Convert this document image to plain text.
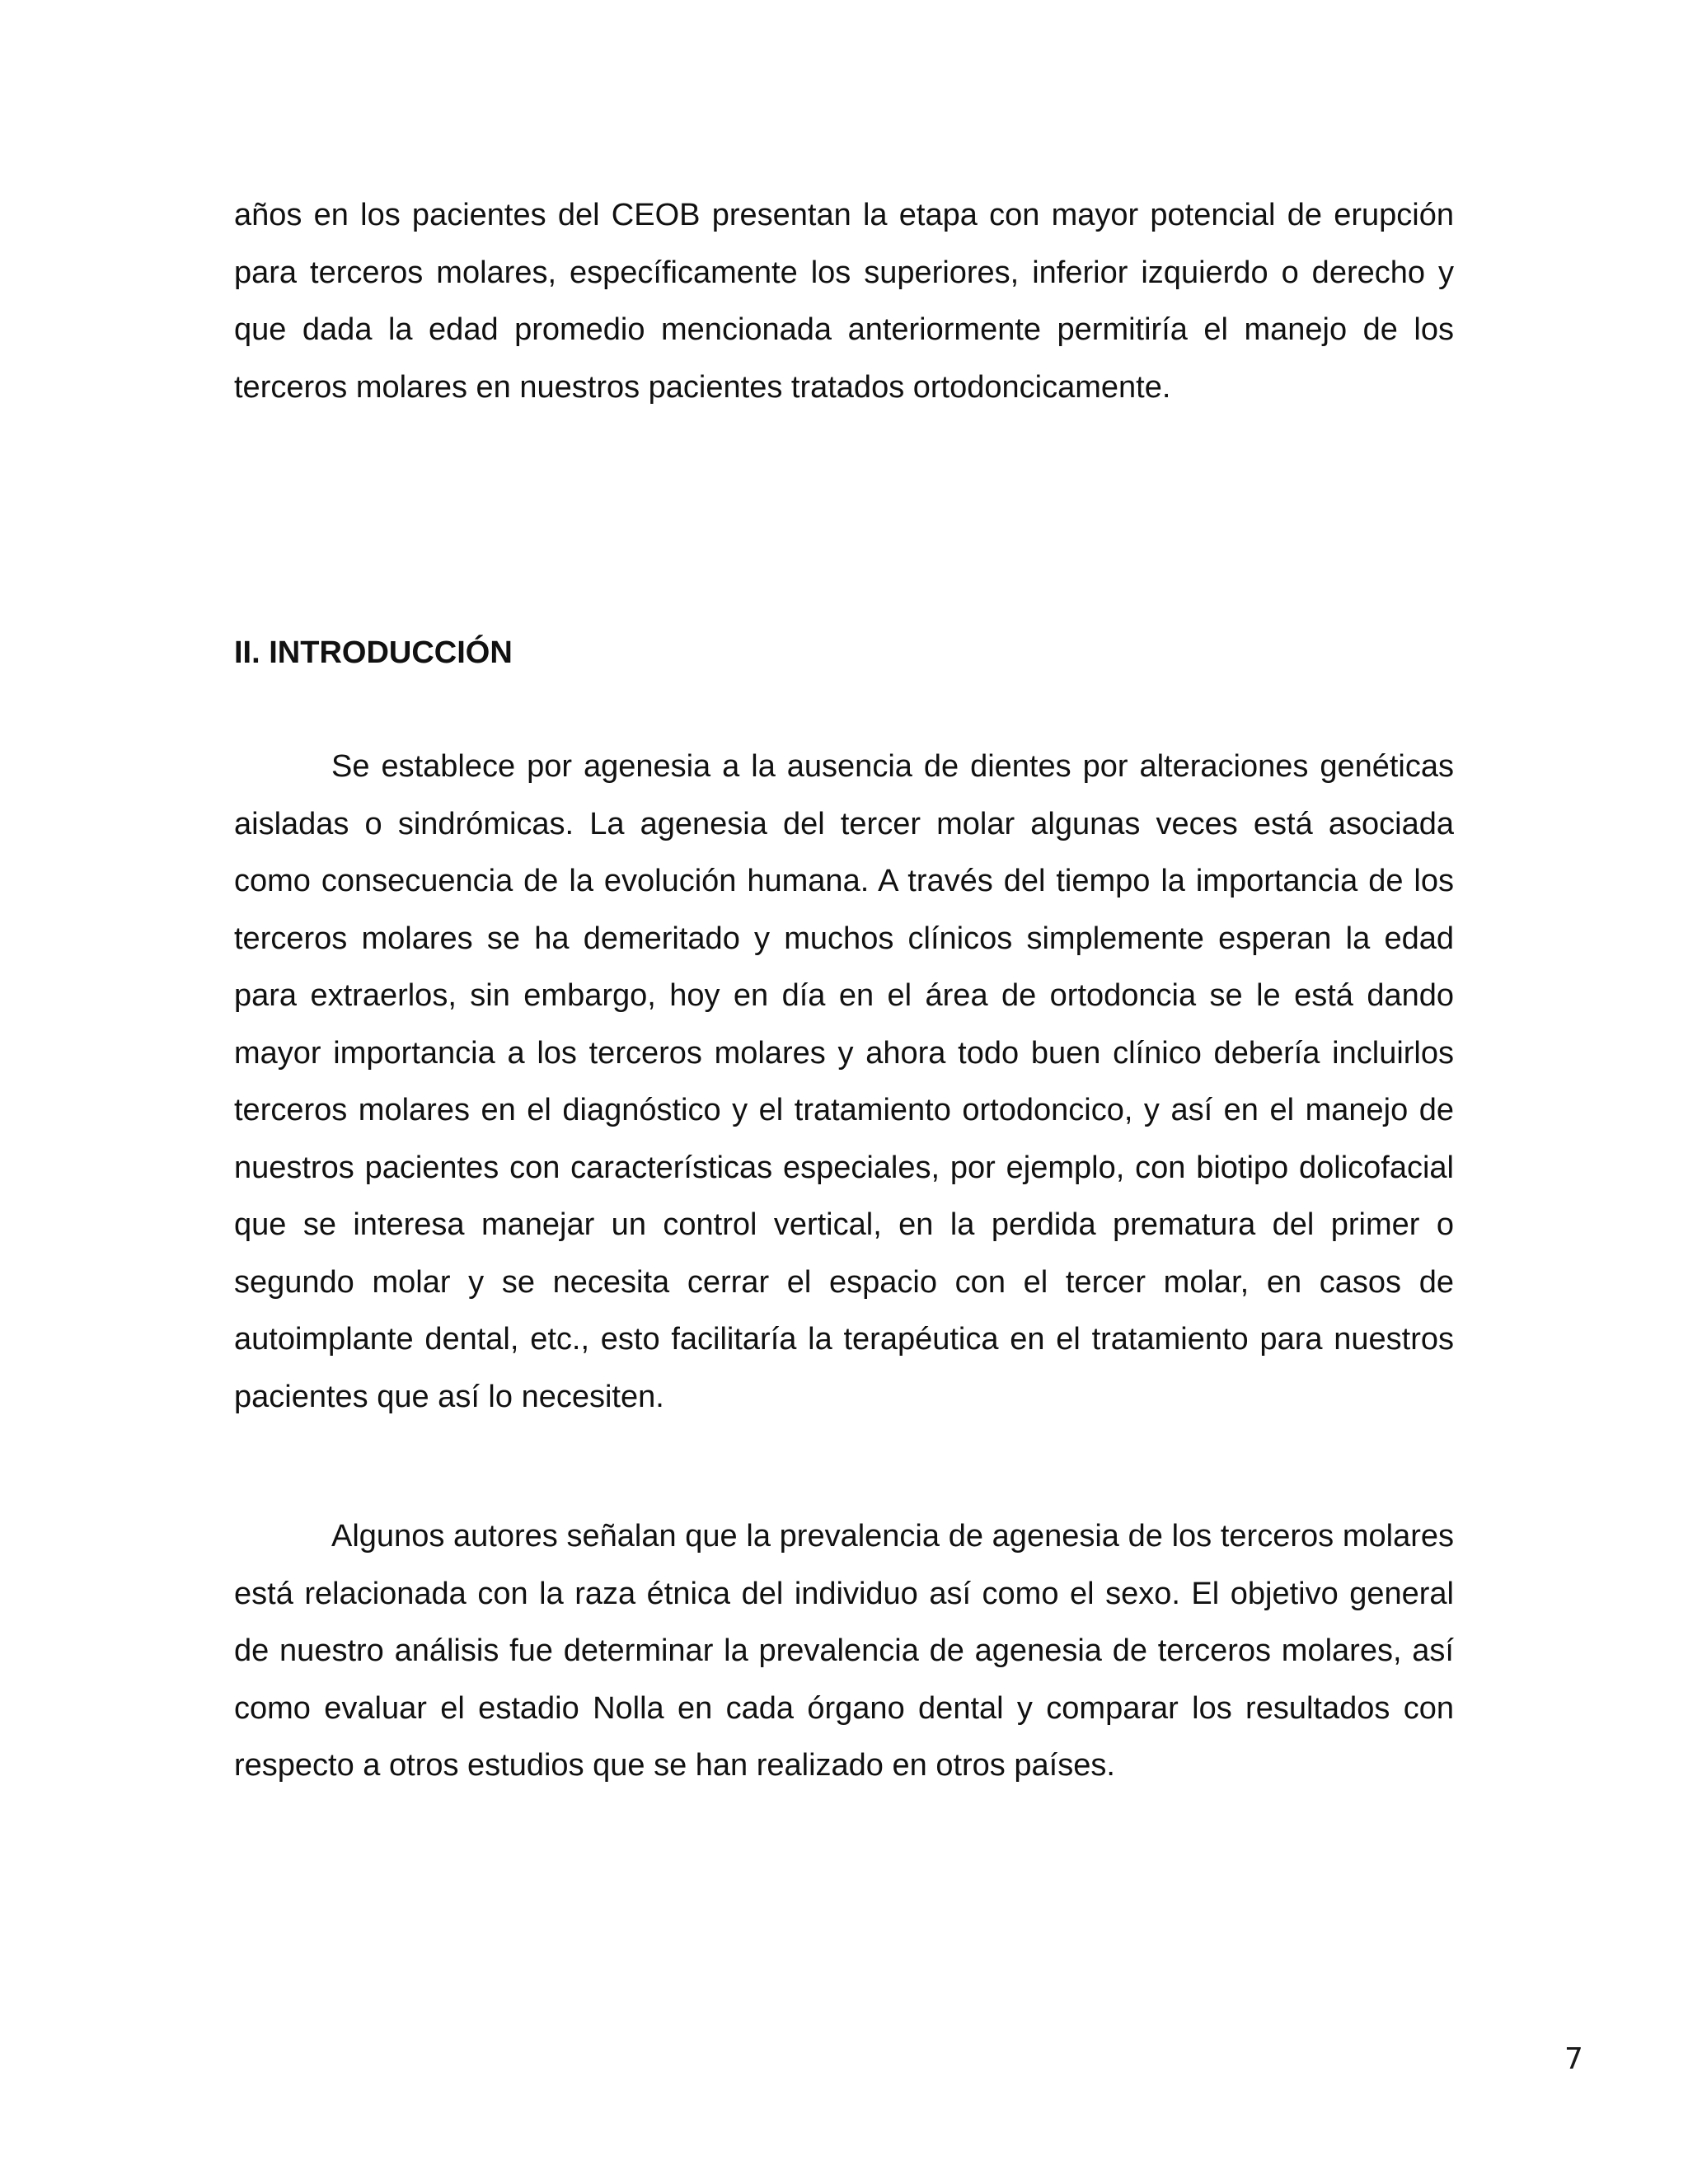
años en los pacientes del CEOB presentan la etapa con mayor potencial de erupción para terceros molares, específicamente los superiores, inferior izquierdo o derecho y que dada la edad promedio mencionada anteriormente permitiría el manejo de los terceros molares en nuestros pacientes tratados ortodoncicamente.

II. INTRODUCCIÓN

Se establece por agenesia a la ausencia de dientes por alteraciones genéticas aisladas o sindrómicas. La agenesia del tercer molar algunas veces está asociada como consecuencia de la evolución humana. A través del tiempo la importancia de los terceros molares se ha demeritado y muchos clínicos simplemente esperan la edad para extraerlos, sin embargo, hoy en día en el área de ortodoncia se le está dando mayor importancia a los terceros molares y ahora todo buen clínico debería incluirlos terceros molares en el diagnóstico y el tratamiento ortodoncico, y así en el manejo de nuestros pacientes con características especiales, por ejemplo, con biotipo dolicofacial que se interesa manejar un control vertical, en la perdida prematura del primer o segundo molar y se necesita cerrar el espacio con el tercer molar, en casos de autoimplante dental, etc., esto facilitaría la terapéutica en el tratamiento para nuestros pacientes que así lo necesiten.

Algunos autores señalan que la prevalencia de agenesia de los terceros molares está relacionada con la raza étnica del individuo así como el sexo. El objetivo general de nuestro análisis fue determinar la prevalencia de agenesia de terceros molares, así como evaluar el estadio Nolla en cada órgano dental y comparar los resultados con respecto a otros estudios que se han realizado en otros países.

7
